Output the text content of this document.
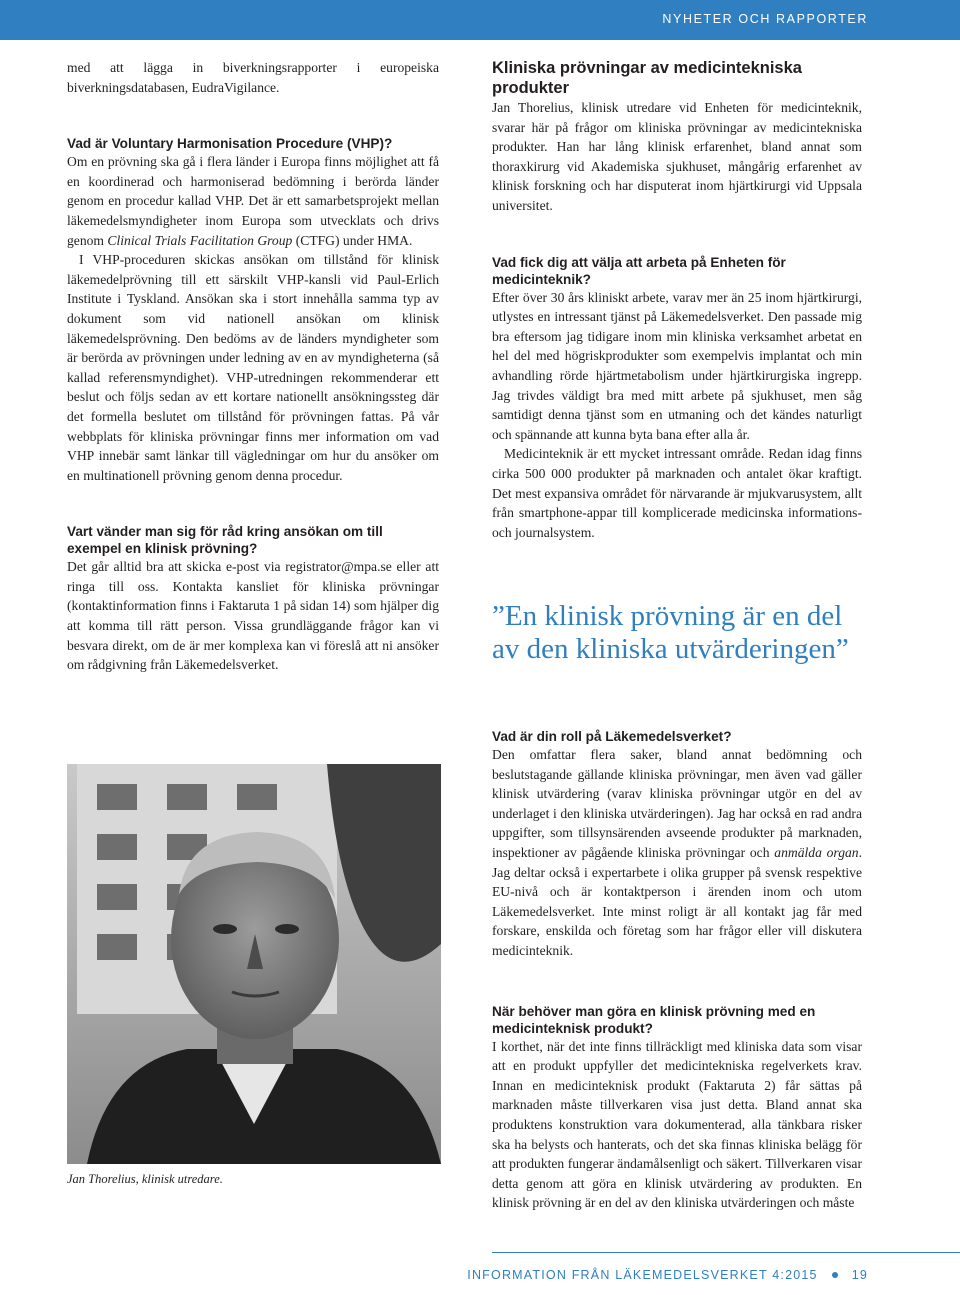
NYHETER OCH RAPPORTER

med att lägga in biverkningsrapporter i europeiska biverkningsdatabasen, EudraVigilance.

Vad är Voluntary Harmonisation Procedure (VHP)?

Om en prövning ska gå i flera länder i Europa finns möjlighet att få en koordinerad och harmoniserad bedömning i berörda länder genom en procedur kallad VHP. Det är ett samarbetsprojekt mellan läkemedelsmyndigheter inom Europa som utvecklats och drivs genom Clinical Trials Facilitation Group (CTFG) under HMA.

I VHP-proceduren skickas ansökan om tillstånd för klinisk läkemedelprövning till ett särskilt VHP-kansli vid Paul-Erlich Institute i Tyskland. Ansökan ska i stort innehålla samma typ av dokument som vid nationell ansökan om klinisk läkemedelsprövning. Den bedöms av de länders myndigheter som är berörda av prövningen under ledning av en av myndigheterna (så kallad referensmyndighet). VHP-utredningen rekommenderar ett beslut och följs sedan av ett kortare nationellt ansökningssteg där det formella beslutet om tillstånd för prövningen fattas. På vår webbplats för kliniska prövningar finns mer information om vad VHP innebär samt länkar till vägledningar om hur du ansöker om en multinationell prövning genom denna procedur.

Vart vänder man sig för råd kring ansökan om till exempel en klinisk prövning?

Det går alltid bra att skicka e-post via registrator@mpa.se eller att ringa till oss. Kontakta kansliet för kliniska prövningar (kontaktinformation finns i Faktaruta 1 på sidan 14) som hjälper dig att komma till rätt person. Vissa grundläggande frågor kan vi besvara direkt, om de är mer komplexa kan vi föreslå att ni ansöker om rådgivning från Läkemedelsverket.

Jan Thorelius, klinisk utredare.
Kliniska prövningar av medicintekniska produkter

Jan Thorelius, klinisk utredare vid Enheten för medicinteknik, svarar här på frågor om kliniska prövningar av medicintekniska produkter. Han har lång klinisk erfarenhet, bland annat som thoraxkirurg vid Akademiska sjukhuset, mångårig erfarenhet av klinisk forskning och har disputerat inom hjärtkirurgi vid Uppsala universitet.

Vad fick dig att välja att arbeta på Enheten för medicinteknik?

Efter över 30 års kliniskt arbete, varav mer än 25 inom hjärtkirurgi, utlystes en intressant tjänst på Läkemedelsverket. Den passade mig bra eftersom jag tidigare inom min kliniska verksamhet arbetat en hel del med högriskprodukter som exempelvis implantat och min avhandling rörde hjärtmetabolism under hjärtkirurgiska ingrepp. Jag trivdes väldigt bra med mitt arbete på sjukhuset, men såg samtidigt denna tjänst som en utmaning och det kändes naturligt och spännande att kunna byta bana efter alla år.

Medicinteknik är ett mycket intressant område. Redan idag finns cirka 500 000 produkter på marknaden och antalet ökar kraftigt. Det mest expansiva området för närvarande är mjukvarusystem, allt från smartphone-appar till komplicerade medicinska informations- och journalsystem.

”En klinisk prövning är en del av den kliniska utvärderingen”
Vad är din roll på Läkemedelsverket?

Den omfattar flera saker, bland annat bedömning och beslutstagande gällande kliniska prövningar, men även vad gäller klinisk utvärdering (varav kliniska prövningar utgör en del av underlaget i den kliniska utvärderingen). Jag har också en rad andra uppgifter, som tillsynsärenden avseende produkter på marknaden, inspektioner av pågående kliniska prövningar och anmälda organ. Jag deltar också i expertarbete i olika grupper på svensk respektive EU-nivå och är kontaktperson i ärenden inom och utom Läkemedelsverket. Inte minst roligt är all kontakt jag får med forskare, enskilda och företag som har frågor eller vill diskutera medicinteknik.

När behöver man göra en klinisk prövning med en medicinteknisk produkt?

I korthet, när det inte finns tillräckligt med kliniska data som visar att en produkt uppfyller det medicintekniska regelverkets krav. Innan en medicinteknisk produkt (Faktaruta 2) får sättas på marknaden måste tillverkaren visa just detta. Bland annat ska produktens konstruktion vara dokumenterad, alla tänkbara risker ska ha belysts och hanterats, och det ska finnas kliniska belägg för att produkten fungerar ändamålsenligt och säkert. Tillverkaren visar detta genom att göra en klinisk utvärdering av produkten. En klinisk prövning är en del av den kliniska utvärderingen och måste

INFORMATION FRÅN LÄKEMEDELSVERKET 4:2015	19
